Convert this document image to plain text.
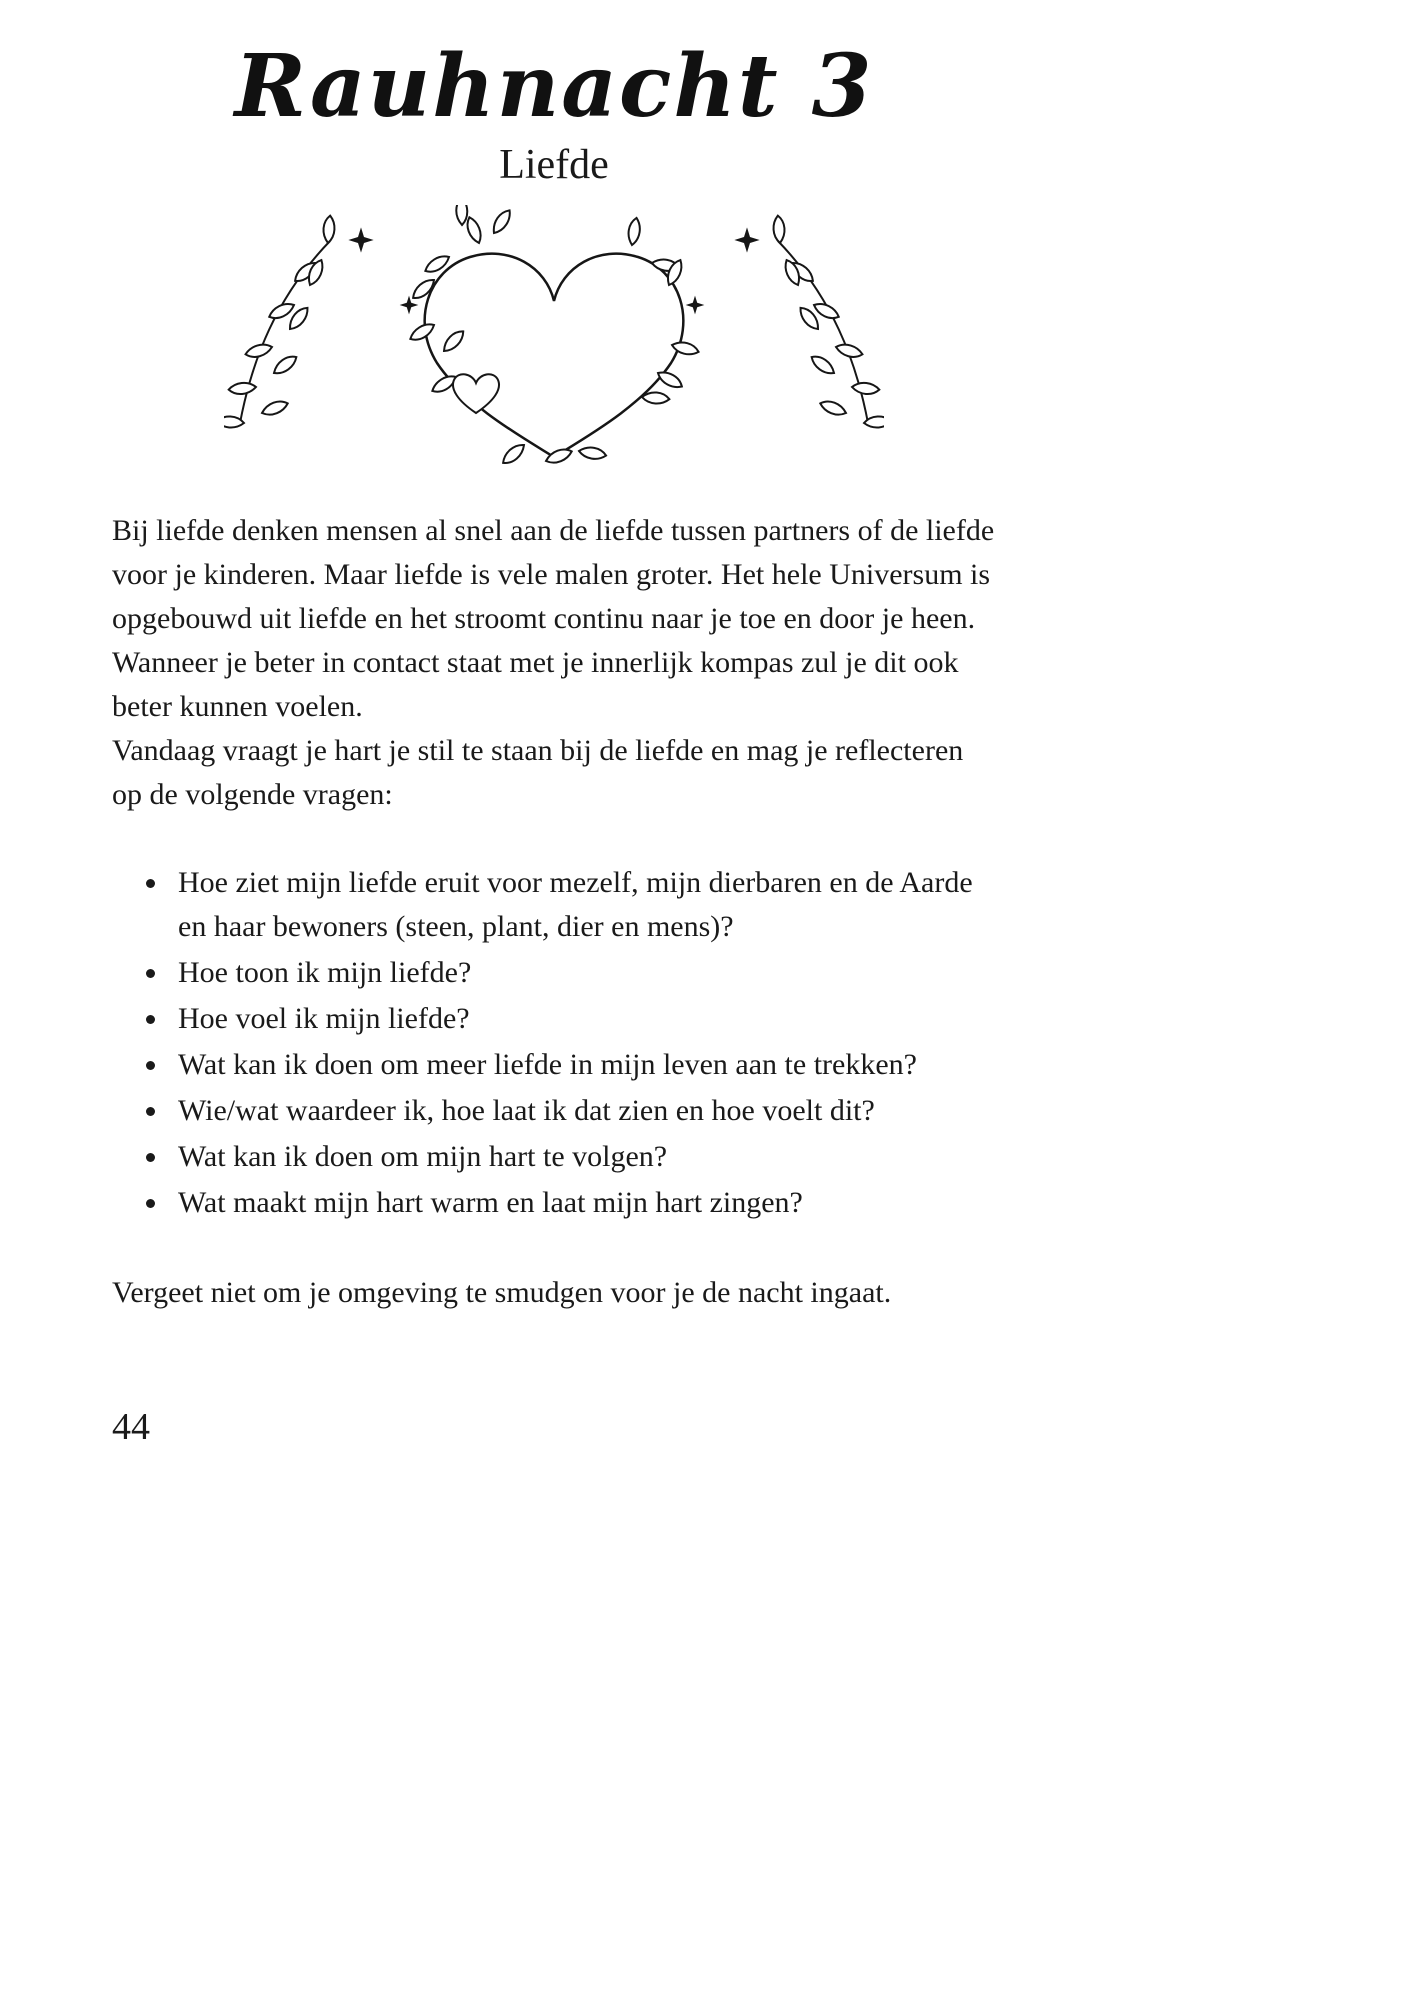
Rauhnacht 3
Liefde

Bij liefde denken mensen al snel aan de liefde tussen partners of de liefde voor je kinderen. Maar liefde is vele malen groter. Het hele Universum is opgebouwd uit liefde en het stroomt continu naar je toe en door je heen. Wanneer je beter in contact staat met je innerlijk kompas zul je dit ook beter kunnen voelen.

Vandaag vraagt je hart je stil te staan bij de liefde en mag je reflecteren op de volgende vragen:

• Hoe ziet mijn liefde eruit voor mezelf, mijn dierbaren en de Aarde en haar bewoners (steen, plant, dier en mens)?
• Hoe toon ik mijn liefde?
• Hoe voel ik mijn liefde?
• Wat kan ik doen om meer liefde in mijn leven aan te trekken?
• Wie/wat waardeer ik, hoe laat ik dat zien en hoe voelt dit?
• Wat kan ik doen om mijn hart te volgen?
• Wat maakt mijn hart warm en laat mijn hart zingen?

Vergeet niet om je omgeving te smudgen voor je de nacht ingaat.

44
